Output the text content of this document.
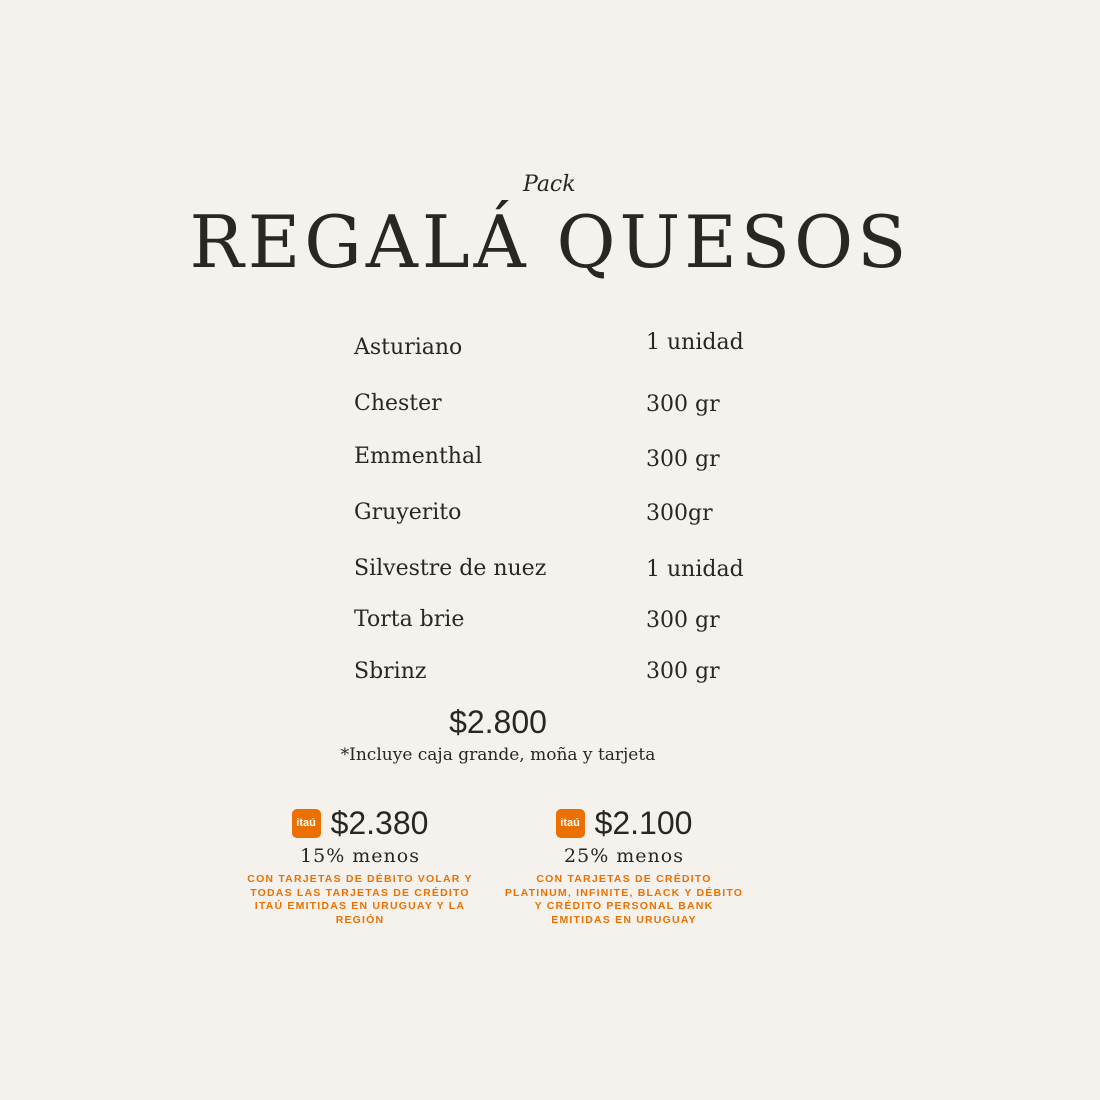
Pack
REGALÁ QUESOS
Asturiano	1 unidad
Chester	300 gr
Emmenthal	300 gr
Gruyerito	300gr
Silvestre de nuez	1 unidad
Torta brie	300 gr
Sbrinz	300 gr
$2.800
*Incluye caja grande, moña y tarjeta
itaú $2.380
15% menos
CON TARJETAS DE DÉBITO VOLAR Y TODAS LAS TARJETAS DE CRÉDITO ITAÚ EMITIDAS EN URUGUAY Y LA REGIÓN
itaú $2.100
25% menos
CON TARJETAS DE CRÉDITO PLATINUM, INFINITE, BLACK Y DÉBITO Y CRÉDITO PERSONAL BANK EMITIDAS EN URUGUAY
